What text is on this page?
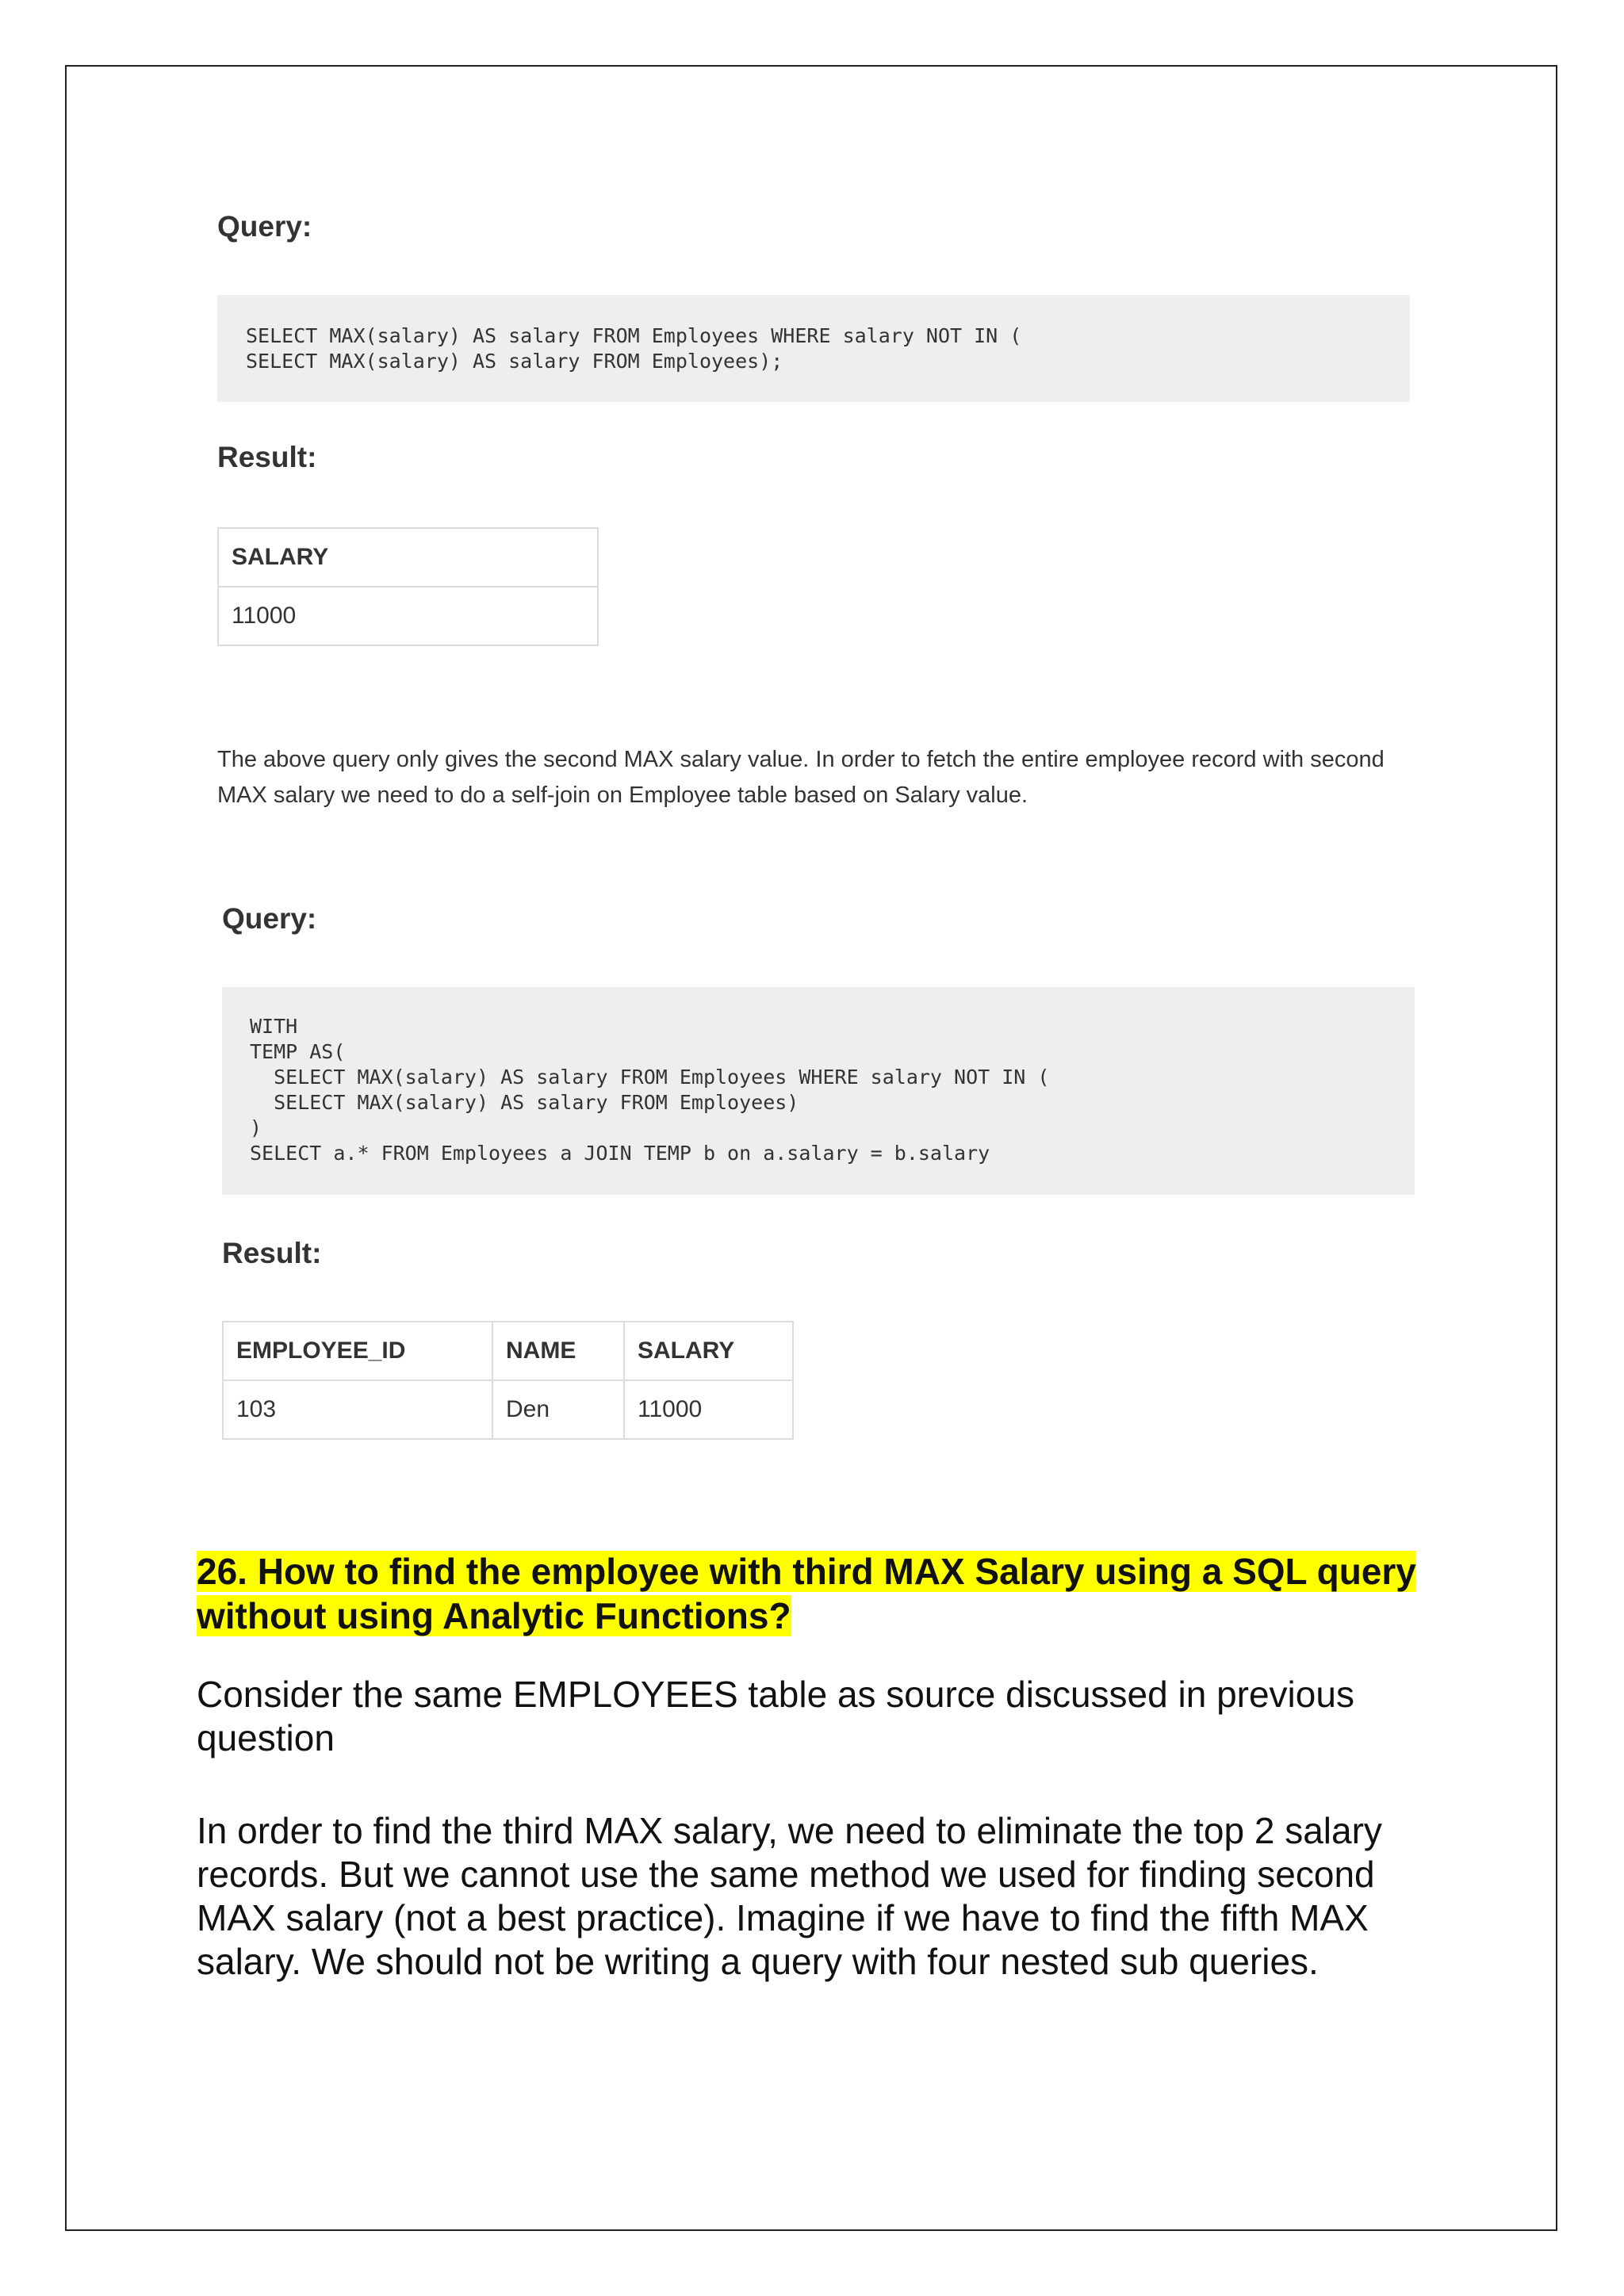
Query:
SELECT MAX(salary) AS salary FROM Employees WHERE salary NOT IN (
SELECT MAX(salary) AS salary FROM Employees);
Result:
SALARY
11000
The above query only gives the second MAX salary value. In order to fetch the entire employee record with second MAX salary we need to do a self-join on Employee table based on Salary value.
Query:
WITH
TEMP AS(
SELECT MAX(salary) AS salary FROM Employees WHERE salary NOT IN (
SELECT MAX(salary) AS salary FROM Employees)
)
SELECT a.* FROM Employees a JOIN TEMP b on a.salary = b.salary
Result:
EMPLOYEE_ID	NAME	SALARY
103	Den	11000
26. How to find the employee with third MAX Salary using a SQL query without using Analytic Functions?
Consider the same EMPLOYEES table as source discussed in previous question
In order to find the third MAX salary, we need to eliminate the top 2 salary records. But we cannot use the same method we used for finding second MAX salary (not a best practice). Imagine if we have to find the fifth MAX salary. We should not be writing a query with four nested sub queries.
